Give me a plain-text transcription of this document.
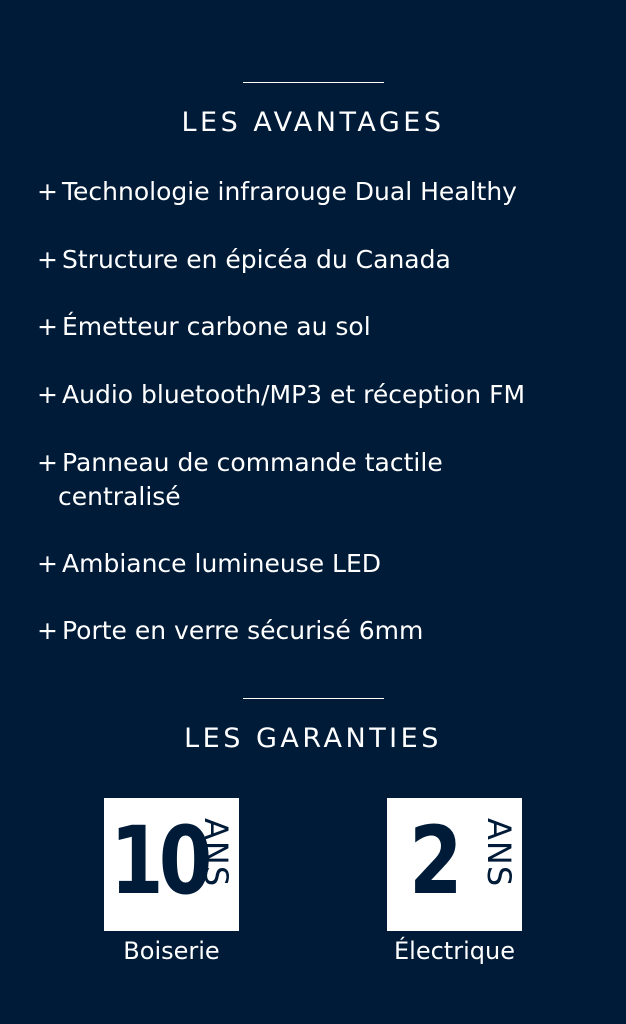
LES AVANTAGES
+ Technologie infrarouge Dual Healthy
+ Structure en épicéa du Canada
+ Émetteur carbone au sol
+ Audio bluetooth/MP3 et réception FM
+ Panneau de commande tactile
centralisé
+ Ambiance lumineuse LED
+ Porte en verre sécurisé 6mm
LES GARANTIES
10
ANS
Boiserie
2 ANS
Électrique
